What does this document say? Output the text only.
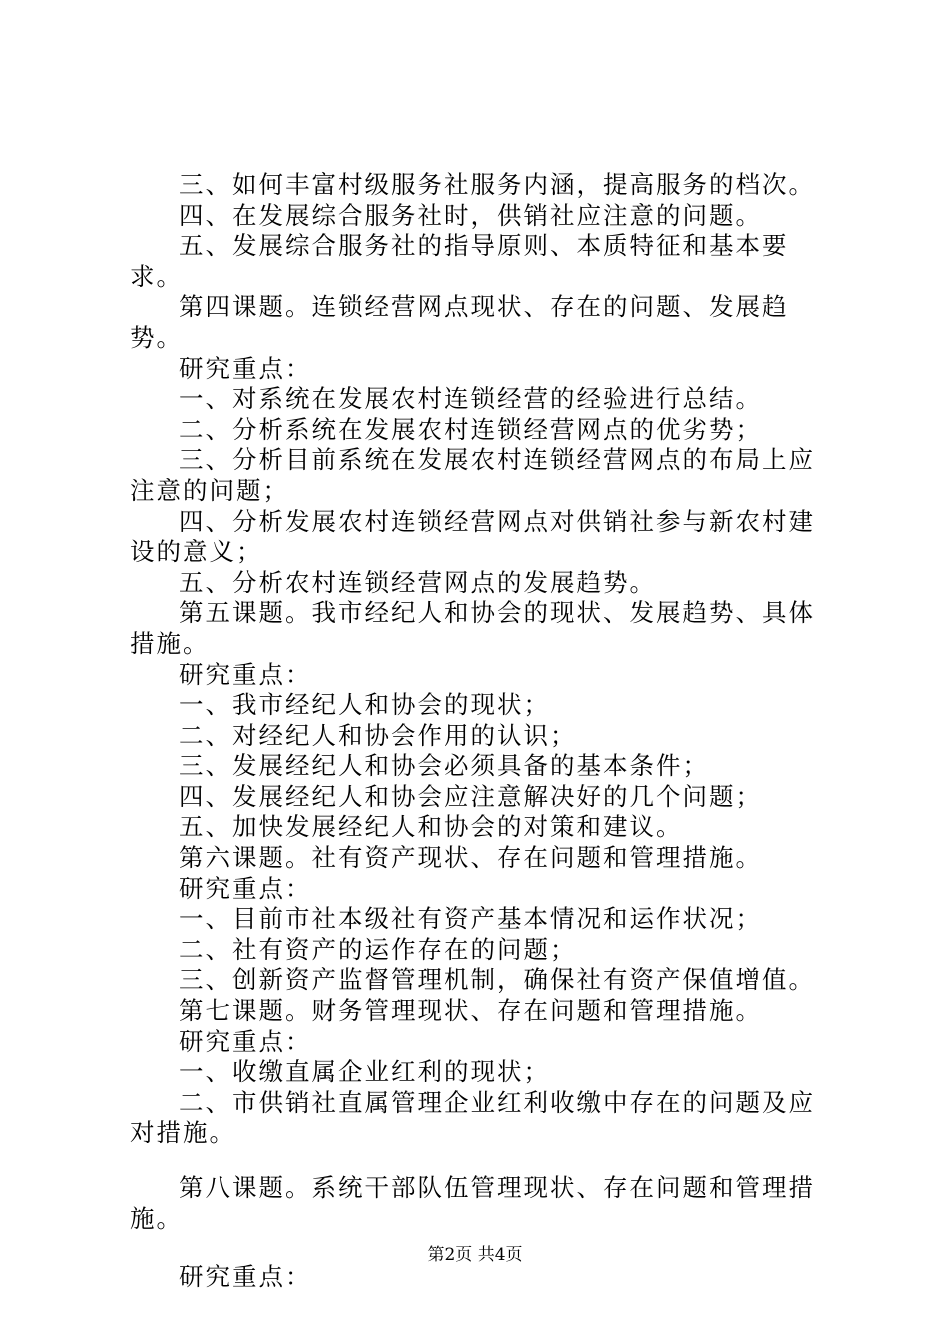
三、如何丰富村级服务社服务内涵，提高服务的档次。

四、在发展综合服务社时，供销社应注意的问题。

五、发展综合服务社的指导原则、本质特征和基本要求。

第四课题。连锁经营网点现状、存在的问题、发展趋势。

研究重点：

一、对系统在发展农村连锁经营的经验进行总结。

二、分析系统在发展农村连锁经营网点的优劣势；

三、分析目前系统在发展农村连锁经营网点的布局上应注意的问题；

四、分析发展农村连锁经营网点对供销社参与新农村建设的意义；

五、分析农村连锁经营网点的发展趋势。

第五课题。我市经纪人和协会的现状、发展趋势、具体措施。

研究重点：

一、我市经纪人和协会的现状；

二、对经纪人和协会作用的认识；

三、发展经纪人和协会必须具备的基本条件；

四、发展经纪人和协会应注意解决好的几个问题；

五、加快发展经纪人和协会的对策和建议。

第六课题。社有资产现状、存在问题和管理措施。

研究重点：

一、目前市社本级社有资产基本情况和运作状况；

二、社有资产的运作存在的问题；

三、创新资产监督管理机制，确保社有资产保值增值。

第七课题。财务管理现状、存在问题和管理措施。

研究重点：

一、收缴直属企业红利的现状；

二、市供销社直属管理企业红利收缴中存在的问题及应对措施。

第八课题。系统干部队伍管理现状、存在问题和管理措施。

研究重点：

第2页 共4页
